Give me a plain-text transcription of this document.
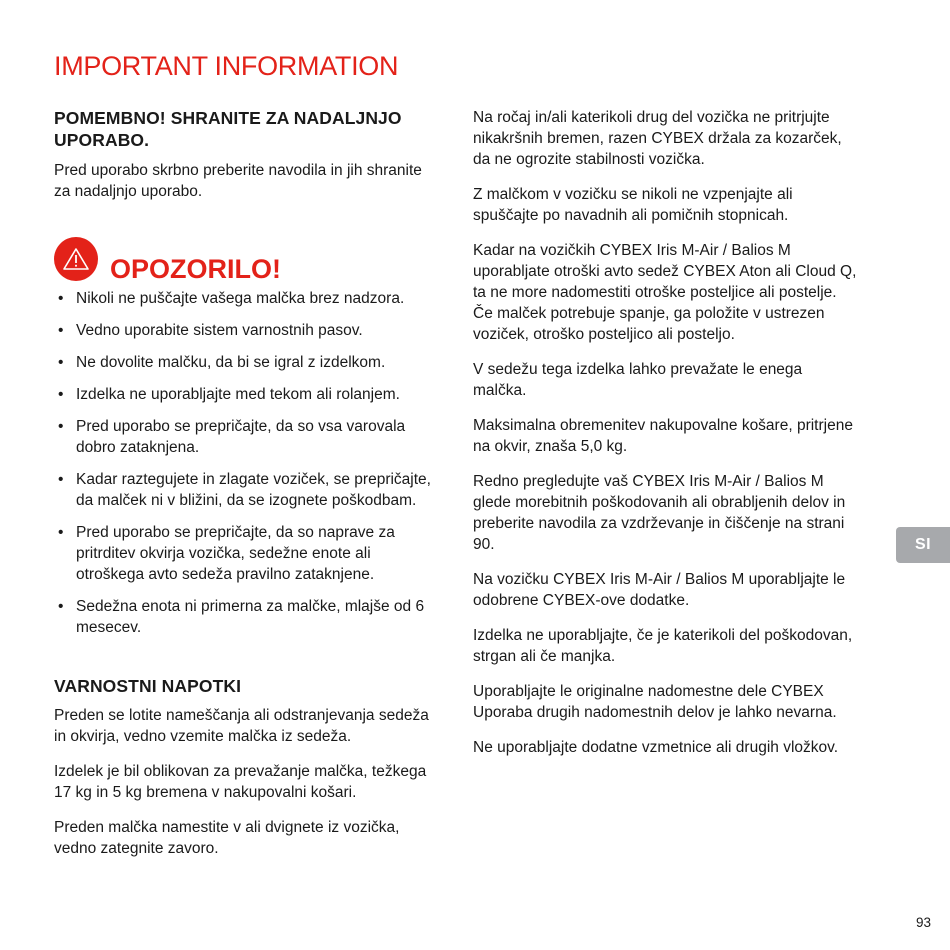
IMPORTANT INFORMATION
POMEMBNO! SHRANITE ZA NADALJNJO UPORABO.

Pred uporabo skrbno preberite navodila in jih shranite za nadaljnjo uporabo.

OPOZORILO!
• Nikoli ne puščajte vašega malčka brez nadzora.
• Vedno uporabite sistem varnostnih pasov.
• Ne dovolite malčku, da bi se igral z izdelkom.
• Izdelka ne uporabljajte med tekom ali rolanjem.
• Pred uporabo se prepričajte, da so vsa varovala dobro zataknjena.
• Kadar raztegujete in zlagate voziček, se prepričajte, da malček ni v bližini, da se izognete poškodbam.
• Pred uporabo se prepričajte, da so naprave za pritrditev okvirja vozička, sedežne enote ali otroškega avto sedeža pravilno zataknjene.
• Sedežna enota ni primerna za malčke, mlajše od 6 mesecev.
VARNOSTNI NAPOTKI

Preden se lotite nameščanja ali odstranjevanja sedeža in okvirja, vedno vzemite malčka iz sedeža.

Izdelek je bil oblikovan za prevažanje malčka, težkega 17 kg in 5 kg bremena v nakupovalni košari.

Preden malčka namestite v ali dvignete iz vozička, vedno zategnite zavoro.

Na ročaj in/ali katerikoli drug del vozička ne pritrjujte nikakršnih bremen, razen CYBEX držala za kozarček, da ne ogrozite stabilnosti vozička.

Z malčkom v vozičku se nikoli ne vzpenjajte ali spuščajte po navadnih ali pomičnih stopnicah.

Kadar na vozičkih CYBEX Iris M-Air / Balios M uporabljate otroški avto sedež CYBEX Aton ali Cloud Q, ta ne more nadomestiti otroške posteljice ali postelje. Če malček potrebuje spanje, ga položite v ustrezen voziček, otroško posteljico ali posteljo.

V sedežu tega izdelka lahko prevažate le enega malčka.

Maksimalna obremenitev nakupovalne košare, pritrjene na okvir, znaša 5,0 kg.

Redno pregledujte vaš CYBEX Iris M-Air / Balios M glede morebitnih poškodovanih ali obrabljenih delov in preberite navodila za vzdrževanje in čiščenje na strani 90.

Na vozičku CYBEX Iris M-Air / Balios M uporabljajte le odobrene CYBEX-ove dodatke.

Izdelka ne uporabljajte, če je katerikoli del poškodovan, strgan ali če manjka.

Uporabljajte le originalne nadomestne dele CYBEX Uporaba drugih nadomestnih delov je lahko nevarna.

Ne uporabljajte dodatne vzmetnice ali drugih vložkov.

SI
93
